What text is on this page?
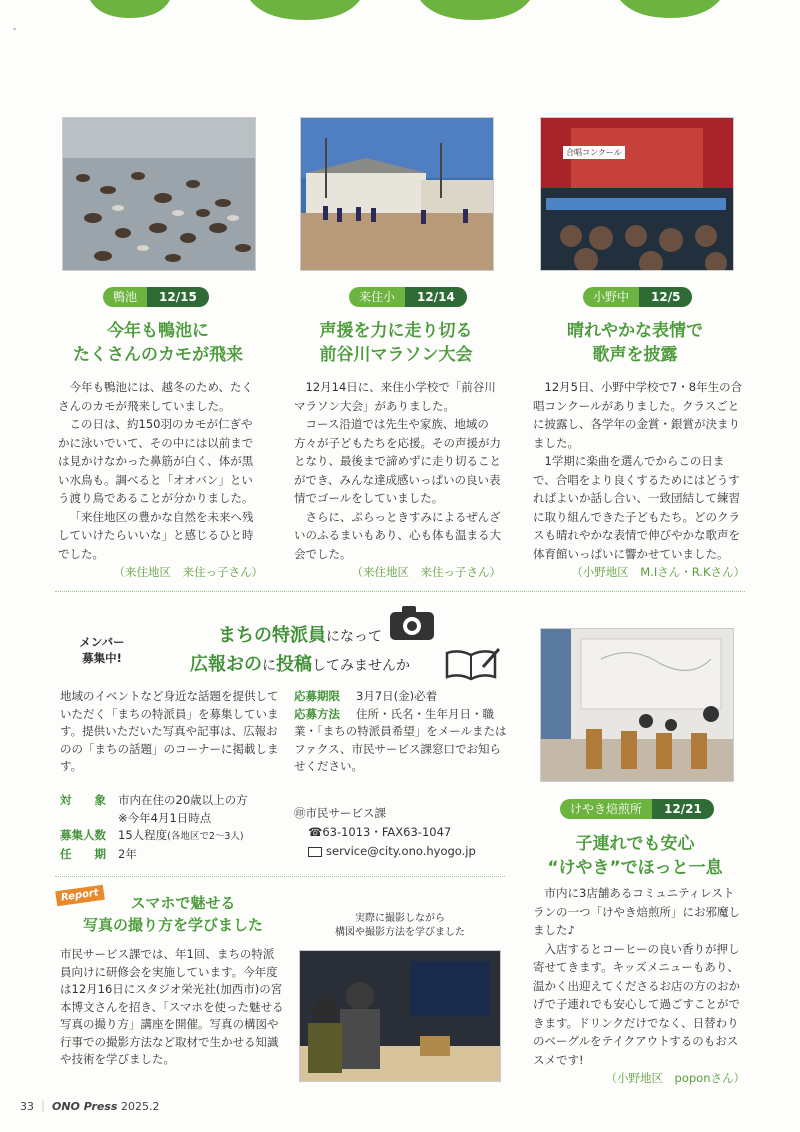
ˇ
鴨池	12/15
今年も鴨池に
たくさんのカモが飛来

今年も鴨池には、越冬のため、たくさんのカモが飛来していました。

この日は、約150羽のカモが仁ぎやかに泳いでいて、その中には以前までは見かけなかった鼻筋が白く、体が黒い水鳥も。調べると「オオバン」という渡り鳥であることが分かりました。

「来住地区の豊かな自然を未来へ残していけたらいいな」と感じるひと時でした。

（来住地区　来住っ子さん）
来住小	12/14
声援を力に走り切る
前谷川マラソン大会

12月14日に、来住小学校で「前谷川マラソン大会」がありました。

コース沿道では先生や家族、地域の方々が子どもたちを応援。その声援が力となり、最後まで諦めずに走り切ることができ、みんな達成感いっぱいの良い表情でゴールをしていました。

さらに、ぷらっときすみによるぜんざいのふるまいもあり、心も体も温まる大会でした。

（来住地区　来住っ子さん）
合唱コンクール
小野中	12/5
晴れやかな表情で
歌声を披露

12月5日、小野中学校で7・8年生の合唱コンクールがありました。クラスごとに披露し、各学年の金賞・銀賞が決まりました。

1学期に楽曲を選んでからこの日まで、合唱をより良くするためにはどうすればよいか話し合い、一致団結して練習に取り組んできた子どもたち。どのクラスも晴れやかな表情で伸びやかな歌声を体育館いっぱいに響かせていました。

（小野地区　M.Iさん・R.Kさん）
メンバー
募集中!
まちの特派員になって
広報おのに投稿してみませんか
地域のイベントなど身近な話題を提供していただく「まちの特派員」を募集しています。提供いただいた写真や記事は、広報おのの「まちの話題」のコーナーに掲載します。
対　　象 市内在住の20歳以上の方
※今年4月1日時点
募集人数 15人程度(各地区で2～3人)
任　　期 2年
応募期限 3月7日(金)必着
応募方法 住所・氏名・生年月日・職業・「まちの特派員希望」をメールまたはファクス、市民サービス課窓口でお知らせください。
㊞市民サービス課
☎63-1013・FAX63-1047
service@city.ono.hyogo.jp
Report	スマホで魅せる
写真の撮り方を学びました
市民サービス課では、年1回、まちの特派員向けに研修会を実施しています。今年度は12月16日にスタジオ栄光社(加西市)の宮本博文さんを招き、「スマホを使った魅せる写真の撮り方」講座を開催。写真の構図や行事での撮影方法など取材で生かせる知識や技術を学びました。
実際に撮影しながら
構図や撮影方法を学びました
けやき焙煎所	12/21
子連れでも安心
“けやき”でほっと一息

市内に3店舗あるコミュニティレストランの一つ「けやき焙煎所」にお邪魔しました♪

入店するとコーヒーの良い香りが押し寄せてきます。キッズメニューもあり、温かく出迎えてくださるお店の方のおかげで子連れでも安心して過ごすことができます。ドリンクだけでなく、日替わりのベーグルをテイクアウトするのもおススメです!

（小野地区　poponさん）
33 ｜ ONO Press 2025.2
